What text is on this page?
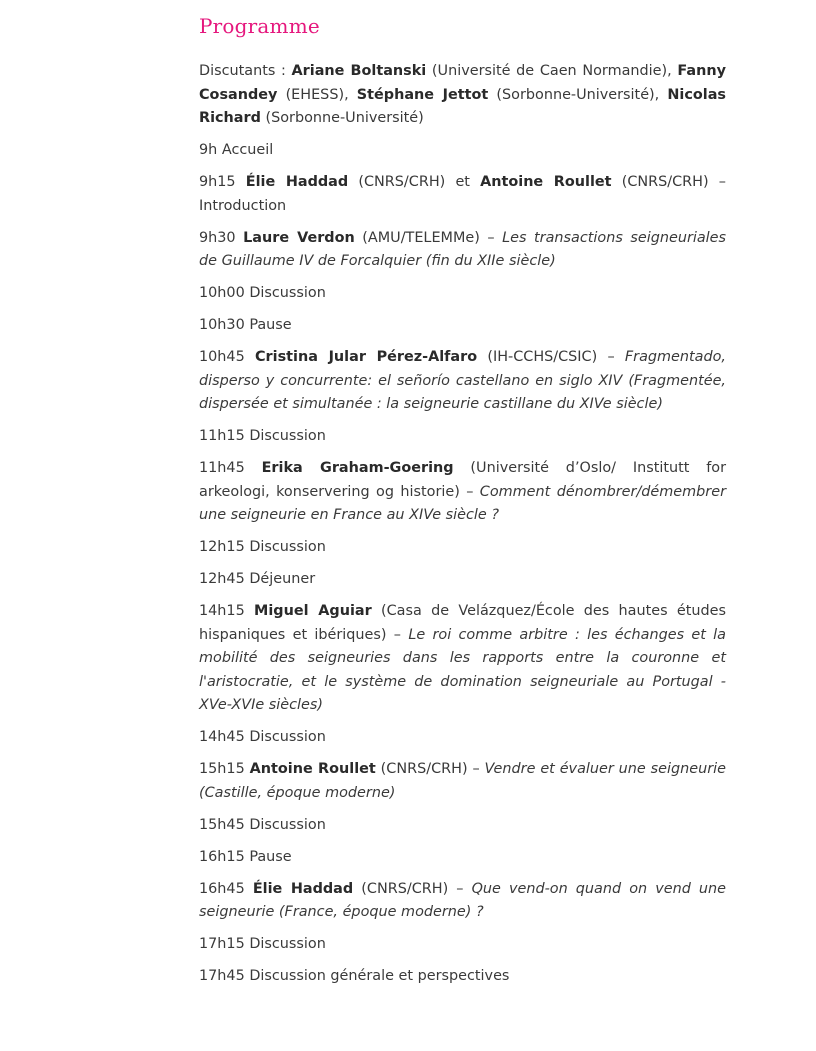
Programme

Discutants : Ariane Boltanski (Université de Caen Normandie), Fanny Cosandey (EHESS), Stéphane Jettot (Sorbonne-Université), Nicolas Richard (Sorbonne-Université)

9h Accueil

9h15 Élie Haddad (CNRS/CRH) et Antoine Roullet (CNRS/CRH) – Introduction

9h30 Laure Verdon (AMU/TELEMMe) – Les transactions seigneuriales de Guillaume IV de Forcalquier (fin du XIIe siècle)

10h00 Discussion

10h30 Pause

10h45 Cristina Jular Pérez-Alfaro (IH-CCHS/CSIC) – Fragmentado, disperso y concurrente: el señorío castellano en siglo XIV (Fragmentée, dispersée et simultanée : la seigneurie castillane du XIVe siècle)

11h15 Discussion

11h45 Erika Graham-Goering (Université d’Oslo/ Institutt for arkeologi, konservering og historie) – Comment dénombrer/démembrer une seigneurie en France au XIVe siècle ?

12h15 Discussion

12h45 Déjeuner

14h15 Miguel Aguiar (Casa de Velázquez/École des hautes études hispaniques et ibériques) – Le roi comme arbitre : les échanges et la mobilité des seigneuries dans les rapports entre la couronne et l'aristocratie, et le système de domination seigneuriale au Portugal - XVe-XVIe siècles)

14h45 Discussion

15h15 Antoine Roullet (CNRS/CRH) – Vendre et évaluer une seigneurie (Castille, époque moderne)

15h45 Discussion

16h15 Pause

16h45 Élie Haddad (CNRS/CRH) – Que vend-on quand on vend une seigneurie (France, époque moderne) ?

17h15 Discussion

17h45 Discussion générale et perspectives
